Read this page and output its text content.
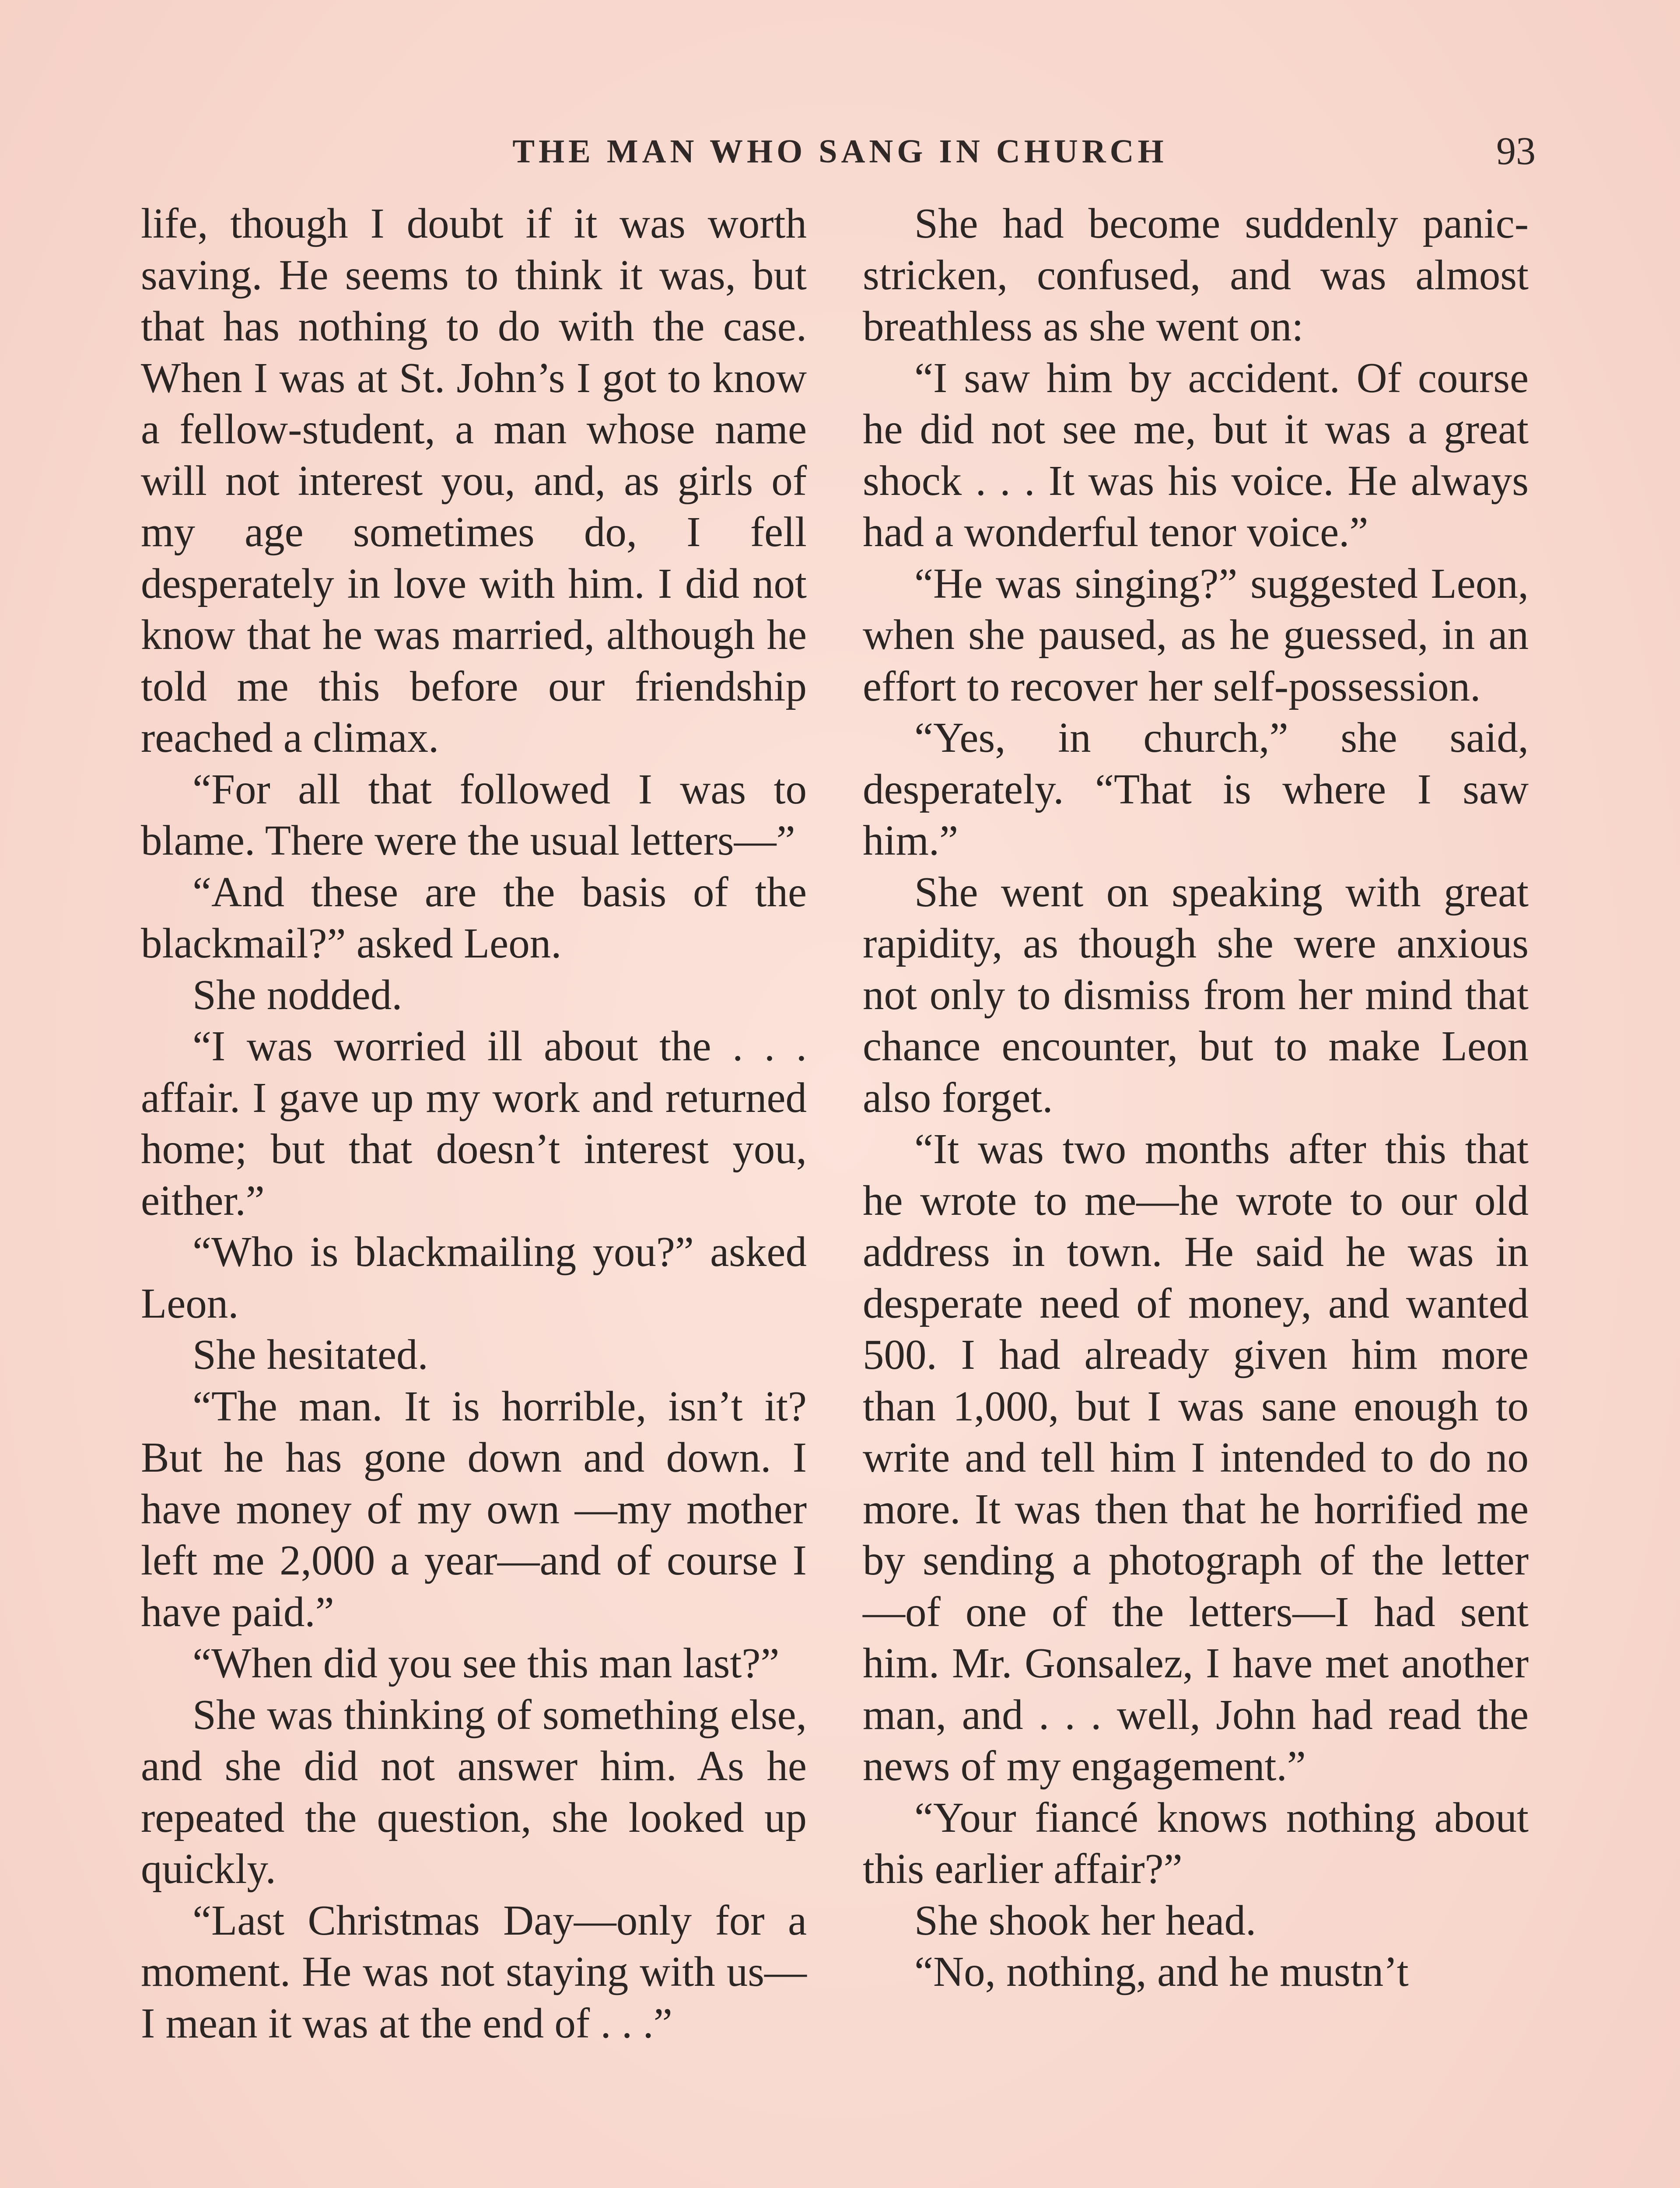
THE MAN WHO SANG IN CHURCH	93

life, though I doubt if it was worth saving. He seems to think it was, but that has nothing to do with the case. When I was at St. John’s I got to know a fellow-student, a man whose name will not interest you, and, as girls of my age sometimes do, I fell desperately in love with him. I did not know that he was married, although he told me this before our friendship reached a climax.

“For all that followed I was to blame. There were the usual letters—”

“And these are the basis of the blackmail?” asked Leon.

She nodded.

“I was worried ill about the . . . affair. I gave up my work and returned home; but that doesn’t interest you, either.”

“Who is blackmailing you?” asked Leon.

She hesitated.

“The man. It is horrible, isn’t it? But he has gone down and down. I have money of my own —my mother left me 2,000 a year—and of course I have paid.”

“When did you see this man last?”

She was thinking of something else, and she did not answer him. As he repeated the question, she looked up quickly.

“Last Christmas Day—only for a moment. He was not staying with us—I mean it was at the end of . . .”

She had become suddenly panic-stricken, confused, and was almost breathless as she went on:

“I saw him by accident. Of course he did not see me, but it was a great shock . . . It was his voice. He always had a wonderful tenor voice.”

“He was singing?” suggested Leon, when she paused, as he guessed, in an effort to recover her self-possession.

“Yes, in church,” she said, desperately. “That is where I saw him.”

She went on speaking with great rapidity, as though she were anxious not only to dismiss from her mind that chance encounter, but to make Leon also forget.

“It was two months after this that he wrote to me—he wrote to our old address in town. He said he was in desperate need of money, and wanted 500. I had already given him more than 1,000, but I was sane enough to write and tell him I intended to do no more. It was then that he horrified me by sending a photograph of the letter—of one of the letters—I had sent him. Mr. Gonsalez, I have met another man, and . . . well, John had read the news of my engagement.”

“Your fiancé knows nothing about this earlier affair?”

She shook her head.

“No, nothing, and he mustn’t
